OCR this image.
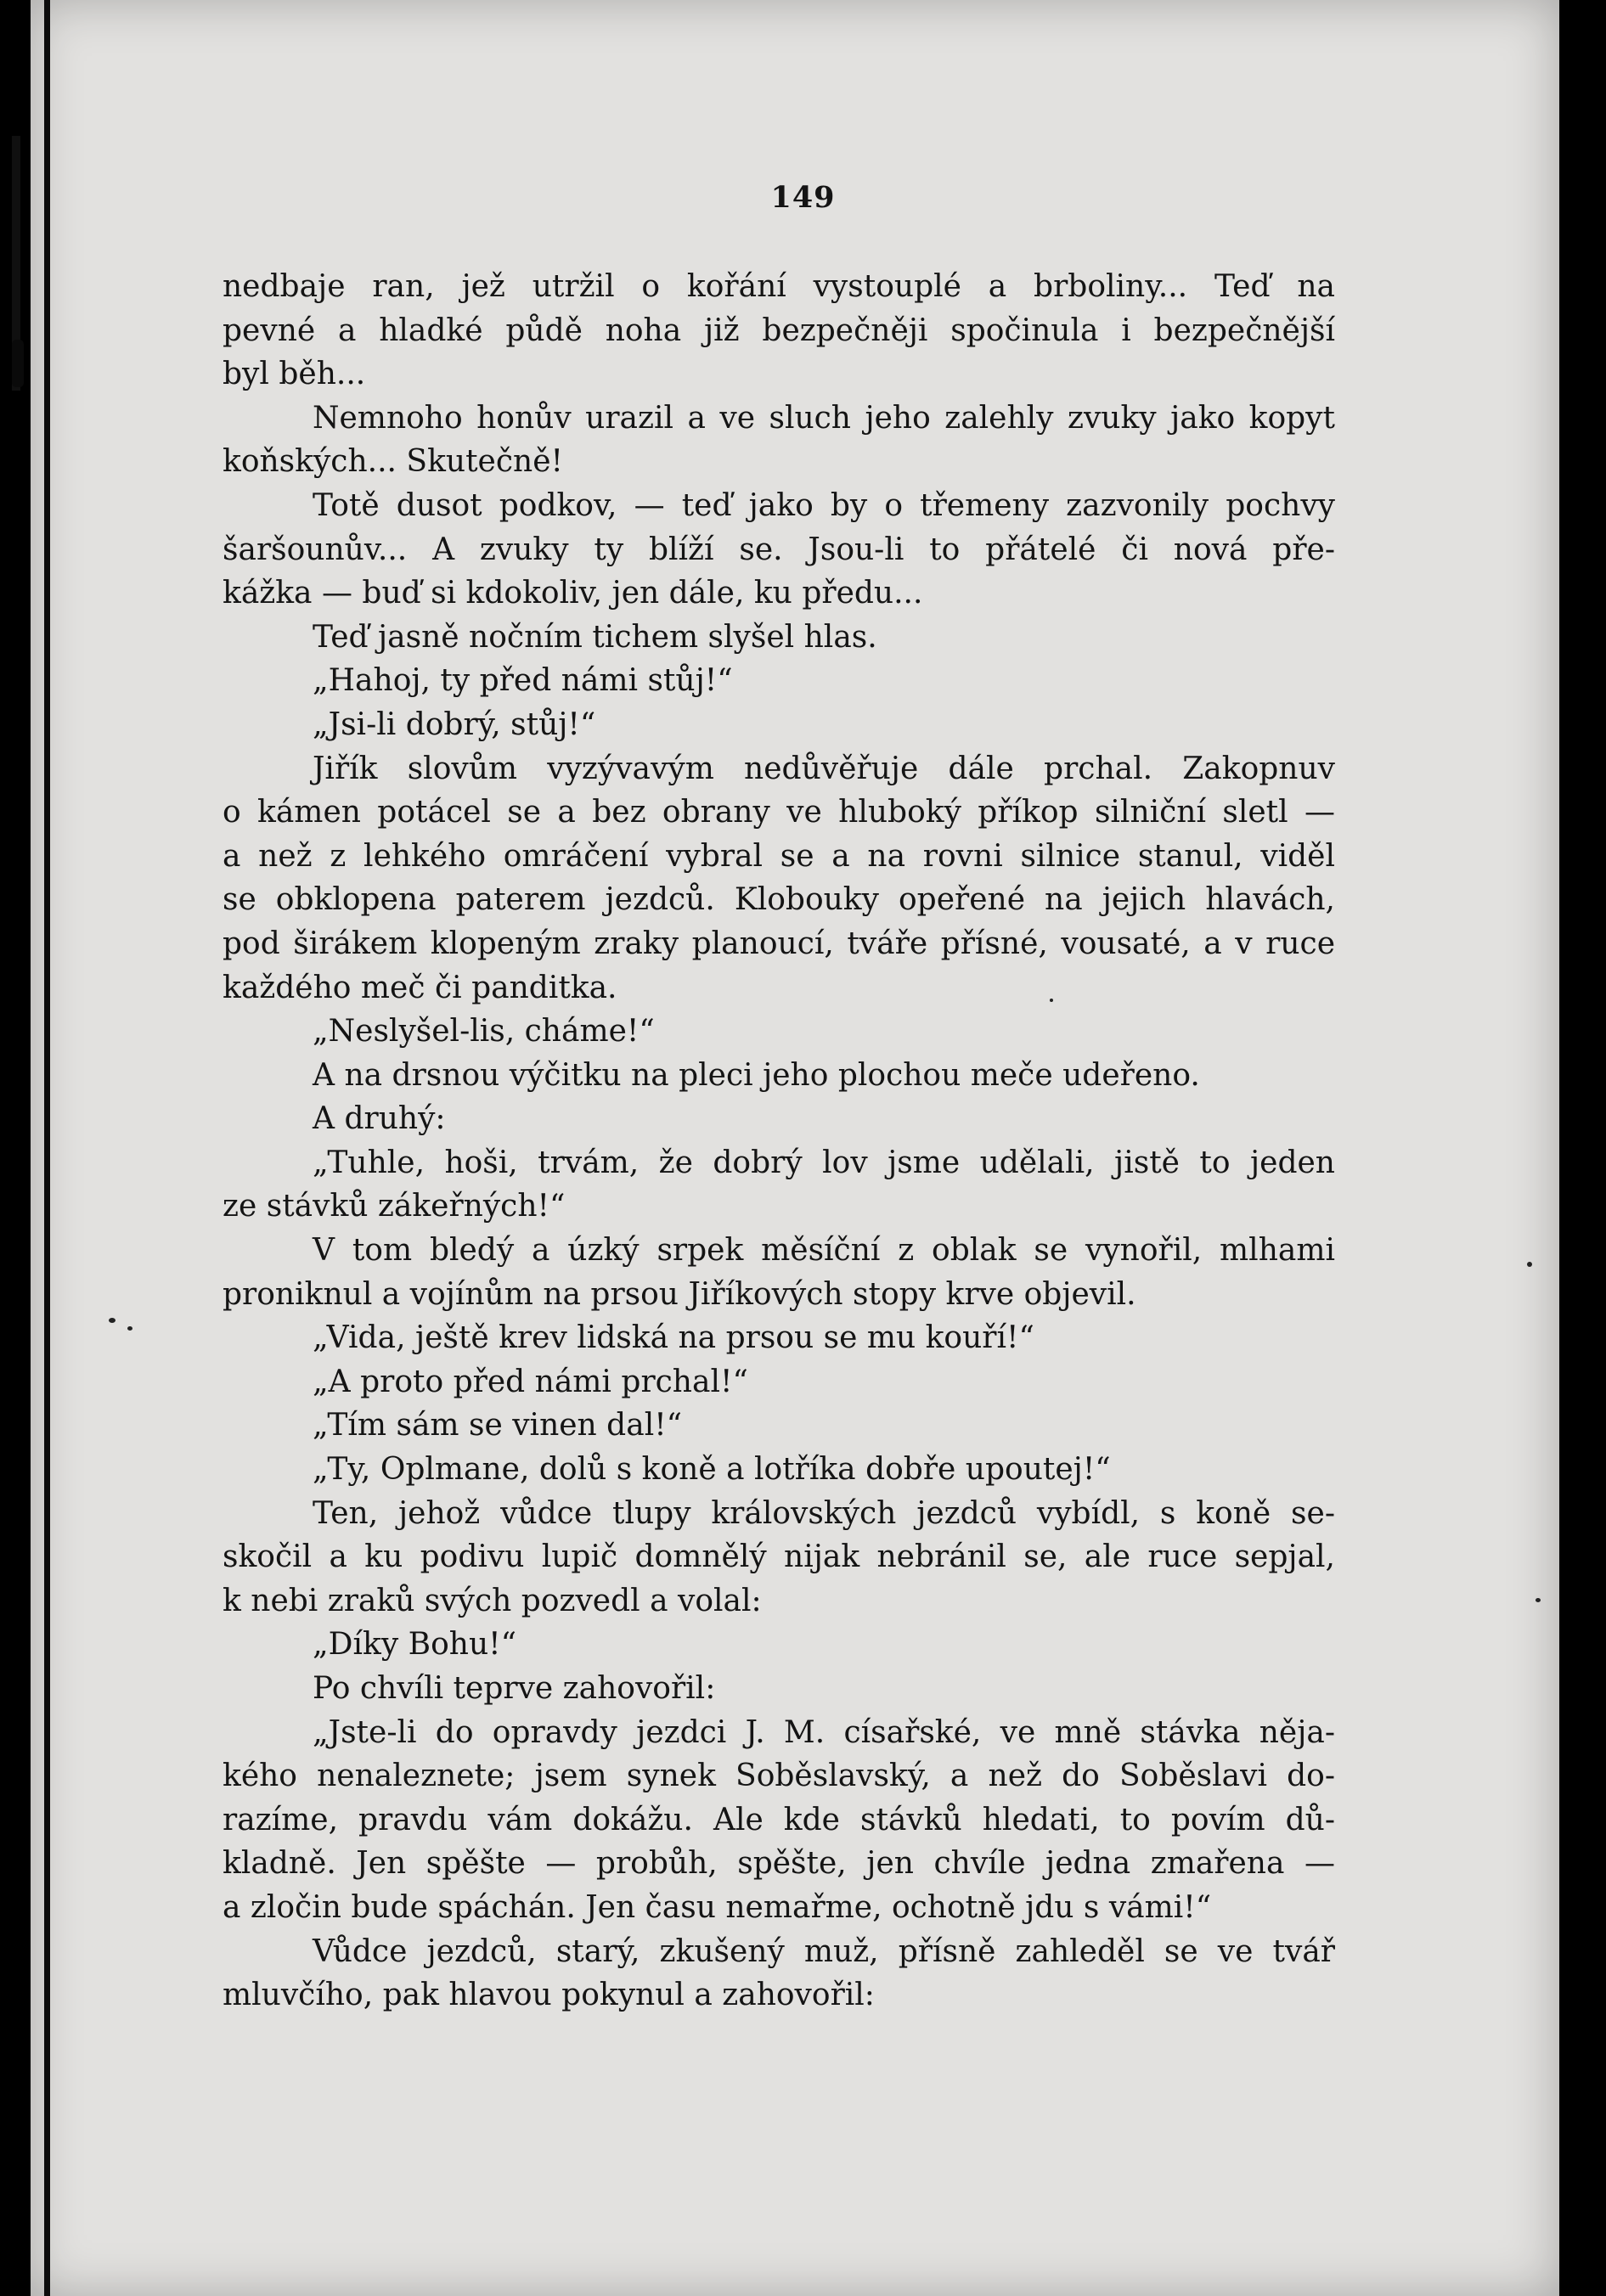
149
nedbaje ran, jež utržil o kořání vystouplé a brboliny... Teď na
pevné a hladké půdě noha již bezpečněji spočinula i bezpečnější
byl běh...
Nemnoho honův urazil a ve sluch jeho zalehly zvuky jako kopyt
koňských... Skutečně!
Totě dusot podkov, — teď jako by o třemeny zazvonily pochvy
šaršounův... A zvuky ty blíží se. Jsou-li to přátelé či nová pře-
kážka — buď si kdokoliv, jen dále, ku předu...
Teď jasně nočním tichem slyšel hlas.
„Hahoj, ty před námi stůj!“
„Jsi-li dobrý, stůj!“
Jiřík slovům vyzývavým nedůvěřuje dále prchal. Zakopnuv
o kámen potácel se a bez obrany ve hluboký příkop silniční sletl —
a než z lehkého omráčení vybral se a na rovni silnice stanul, viděl
se obklopena paterem jezdců. Klobouky opeřené na jejich hlavách,
pod širákem klopeným zraky planoucí, tváře přísné, vousaté, a v ruce
každého meč či panditka.
„Neslyšel-lis, cháme!“
A na drsnou výčitku na pleci jeho plochou meče udeřeno.
A druhý:
„Tuhle, hoši, trvám, že dobrý lov jsme udělali, jistě to jeden
ze stávků zákeřných!“
V tom bledý a úzký srpek měsíční z oblak se vynořil, mlhami
proniknul a vojínům na prsou Jiříkových stopy krve objevil.
„Vida, ještě krev lidská na prsou se mu kouří!“
„A proto před námi prchal!“
„Tím sám se vinen dal!“
„Ty, Oplmane, dolů s koně a lotříka dobře upoutej!“
Ten, jehož vůdce tlupy královských jezdců vybídl, s koně se-
skočil a ku podivu lupič domnělý nijak nebránil se, ale ruce sepjal,
k nebi zraků svých pozvedl a volal:
„Díky Bohu!“
Po chvíli teprve zahovořil:
„Jste-li do opravdy jezdci J. M. císařské, ve mně stávka něja-
kého nenaleznete; jsem synek Soběslavský, a než do Soběslavi do-
razíme, pravdu vám dokážu. Ale kde stávků hledati, to povím dů-
kladně. Jen spěšte — probůh, spěšte, jen chvíle jedna zmařena —
a zločin bude spáchán. Jen času nemařme, ochotně jdu s vámi!“
Vůdce jezdců, starý, zkušený muž, přísně zahleděl se ve tvář
mluvčího, pak hlavou pokynul a zahovořil:
